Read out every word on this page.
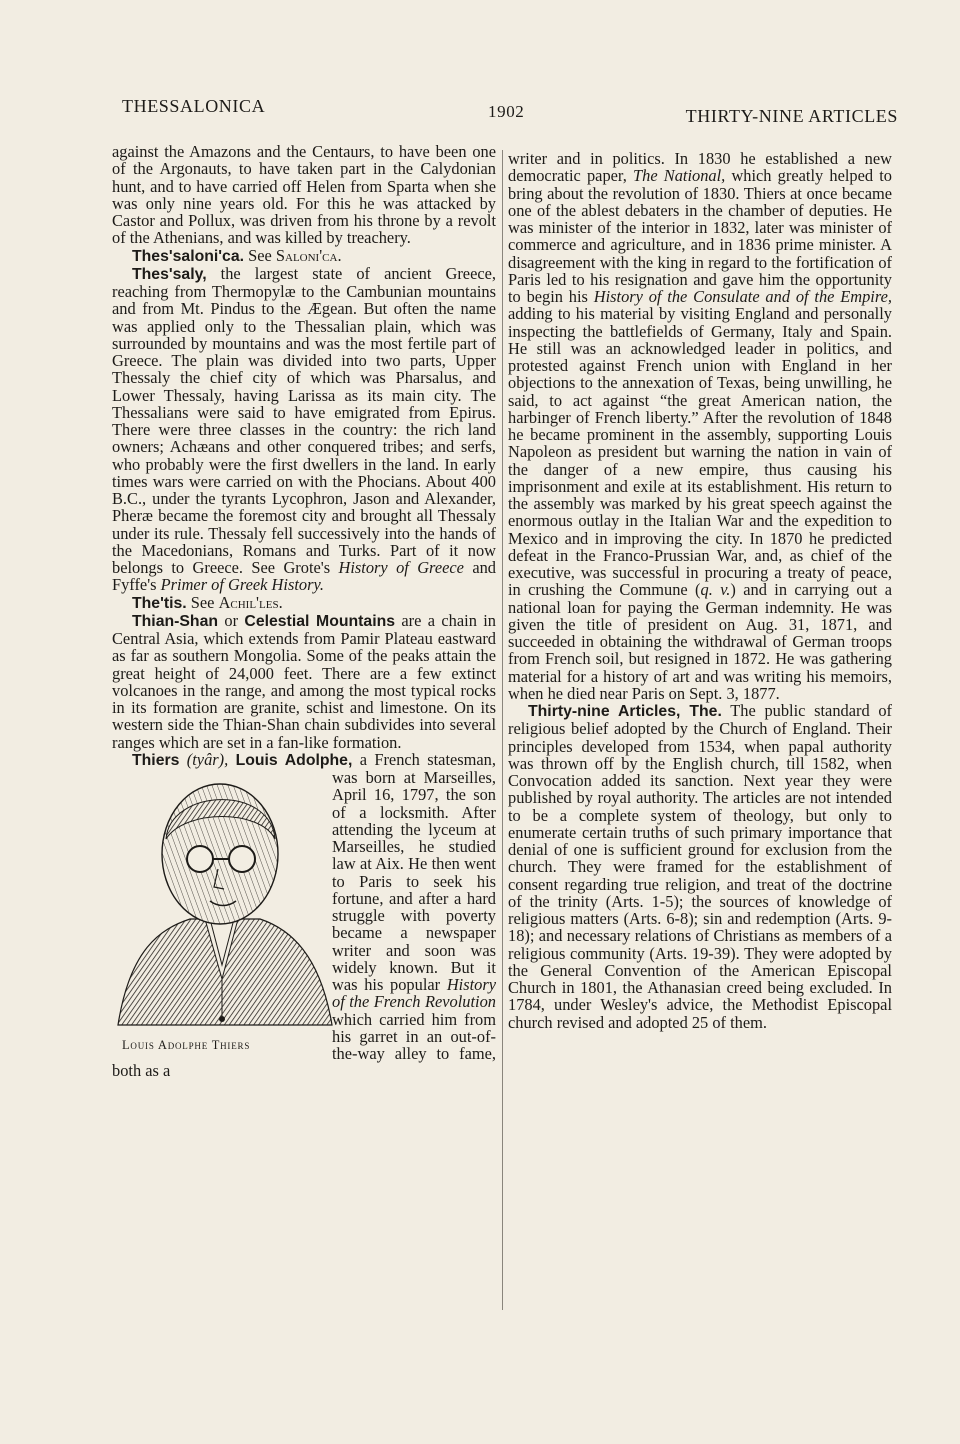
THESSALONICA	1902	THIRTY-NINE ARTICLES

against the Amazons and the Centaurs, to have been one of the Argonauts, to have taken part in the Calydonian hunt, and to have carried off Helen from Sparta when she was only nine years old. For this he was attacked by Castor and Pollux, was driven from his throne by a revolt of the Athenians, and was killed by treachery.

Thes'saloni'ca. See Saloni'ca.

Thes'saly, the largest state of ancient Greece, reaching from Thermopylæ to the Cambunian mountains and from Mt. Pindus to the Ægean. But often the name was applied only to the Thessalian plain, which was surrounded by mountains and was the most fertile part of Greece. The plain was divided into two parts, Upper Thessaly the chief city of which was Pharsalus, and Lower Thessaly, having Larissa as its main city. The Thessalians were said to have emigrated from Epirus. There were three classes in the country: the rich land owners; Achæans and other conquered tribes; and serfs, who probably were the first dwellers in the land. In early times wars were carried on with the Phocians. About 400 B.C., under the tyrants Lycophron, Jason and Alexander, Pheræ became the foremost city and brought all Thessaly under its rule. Thessaly fell successively into the hands of the Macedonians, Romans and Turks. Part of it now belongs to Greece. See Grote's History of Greece and Fyffe's Primer of Greek History.

The'tis. See Achil'les.

Thian-Shan or Celestial Mountains are a chain in Central Asia, which extends from Pamir Plateau eastward as far as southern Mongolia. Some of the peaks attain the great height of 24,000 feet. There are a few extinct volcanoes in the range, and among the most typical rocks in its formation are granite, schist and limestone. On its western side the Thian-Shan chain subdivides into several ranges which are set in a fan-like formation.

Thiers (tyâr), Louis Adolphe,
a French statesman, was born at Marseilles, April 16, 1797, the son of a locksmith. After attending the lyceum at Marseilles, he studied law at Aix. He then went to Paris to seek his fortune, and after a hard struggle with poverty became a newspaper writer and soon was widely known. But it was his popular History of the French Revolution which carried him from his garret in an out-of-the-way alley to fame, both as a

Louis Adolphe Thiers

writer and in politics. In 1830 he established a new democratic paper, The National, which greatly helped to bring about the revolution of 1830. Thiers at once became one of the ablest debaters in the chamber of deputies. He was minister of the interior in 1832, later was minister of commerce and agriculture, and in 1836 prime minister. A disagreement with the king in regard to the fortification of Paris led to his resignation and gave him the opportunity to begin his History of the Consulate and of the Empire, adding to his material by visiting England and personally inspecting the battlefields of Germany, Italy and Spain. He still was an acknowledged leader in politics, and protested against French union with England in her objections to the annexation of Texas, being unwilling, he said, to act against “the great American nation, the harbinger of French liberty.” After the revolution of 1848 he became prominent in the assembly, supporting Louis Napoleon as president but warning the nation in vain of the danger of a new empire, thus causing his imprisonment and exile at its establishment. His return to the assembly was marked by his great speech against the enormous outlay in the Italian War and the expedition to Mexico and in improving the city. In 1870 he predicted defeat in the Franco-Prussian War, and, as chief of the executive, was successful in procuring a treaty of peace, in crushing the Commune (q. v.) and in carrying out a national loan for paying the German indemnity. He was given the title of president on Aug. 31, 1871, and succeeded in obtaining the withdrawal of German troops from French soil, but resigned in 1872. He was gathering material for a history of art and was writing his memoirs, when he died near Paris on Sept. 3, 1877.

Thirty-nine Articles, The. The public standard of religious belief adopted by the Church of England. Their principles developed from 1534, when papal authority was thrown off by the English church, till 1582, when Convocation added its sanction. Next year they were published by royal authority. The articles are not intended to be a complete system of theology, but only to enumerate certain truths of such primary importance that denial of one is sufficient ground for exclusion from the church. They were framed for the establishment of consent regarding true religion, and treat of the doctrine of the trinity (Arts. 1-5); the sources of knowledge of religious matters (Arts. 6-8); sin and redemption (Arts. 9-18); and necessary relations of Christians as members of a religious community (Arts. 19-39). They were adopted by the General Convention of the American Episcopal Church in 1801, the Athanasian creed being excluded. In 1784, under Wesley's advice, the Methodist Episcopal church revised and adopted 25 of them.
